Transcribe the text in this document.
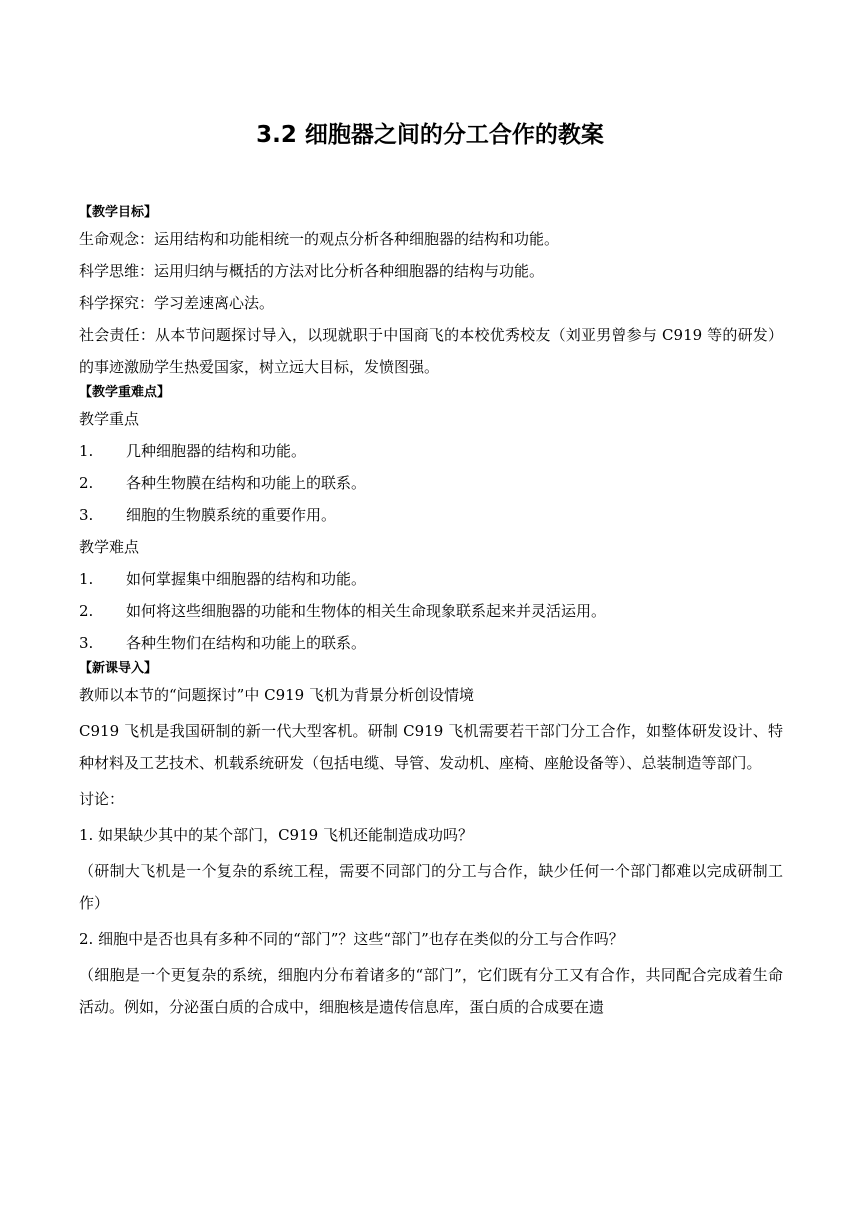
3.2 细胞器之间的分工合作的教案
【教学目标】
生命观念：运用结构和功能相统一的观点分析各种细胞器的结构和功能。
科学思维：运用归纳与概括的方法对比分析各种细胞器的结构与功能。
科学探究：学习差速离心法。
社会责任：从本节问题探讨导入，以现就职于中国商飞的本校优秀校友（刘亚男曾参与 C919 等的研发）的事迹激励学生热爱国家，树立远大目标，发愤图强。
【教学重难点】
教学重点
1.	几种细胞器的结构和功能。
2.	各种生物膜在结构和功能上的联系。
3.	细胞的生物膜系统的重要作用。
教学难点
1.	如何掌握集中细胞器的结构和功能。
2.	如何将这些细胞器的功能和生物体的相关生命现象联系起来并灵活运用。
3.	各种生物们在结构和功能上的联系。
【新课导入】
教师以本节的“问题探讨”中 C919 飞机为背景分析创设情境
C919 飞机是我国研制的新一代大型客机。研制 C919 飞机需要若干部门分工合作，如整体研发设计、特种材料及工艺技术、机载系统研发（包括电缆、导管、发动机、座椅、座舱设备等）、总装制造等部门。
讨论：
1. 如果缺少其中的某个部门，C919 飞机还能制造成功吗？
（研制大飞机是一个复杂的系统工程，需要不同部门的分工与合作，缺少任何一个部门都难以完成研制工作）
2. 细胞中是否也具有多种不同的“部门”？这些“部门”也存在类似的分工与合作吗？
（细胞是一个更复杂的系统，细胞内分布着诸多的“部门”，它们既有分工又有合作，共同配合完成着生命活动。例如，分泌蛋白质的合成中，细胞核是遗传信息库，蛋白质的合成要在遗
